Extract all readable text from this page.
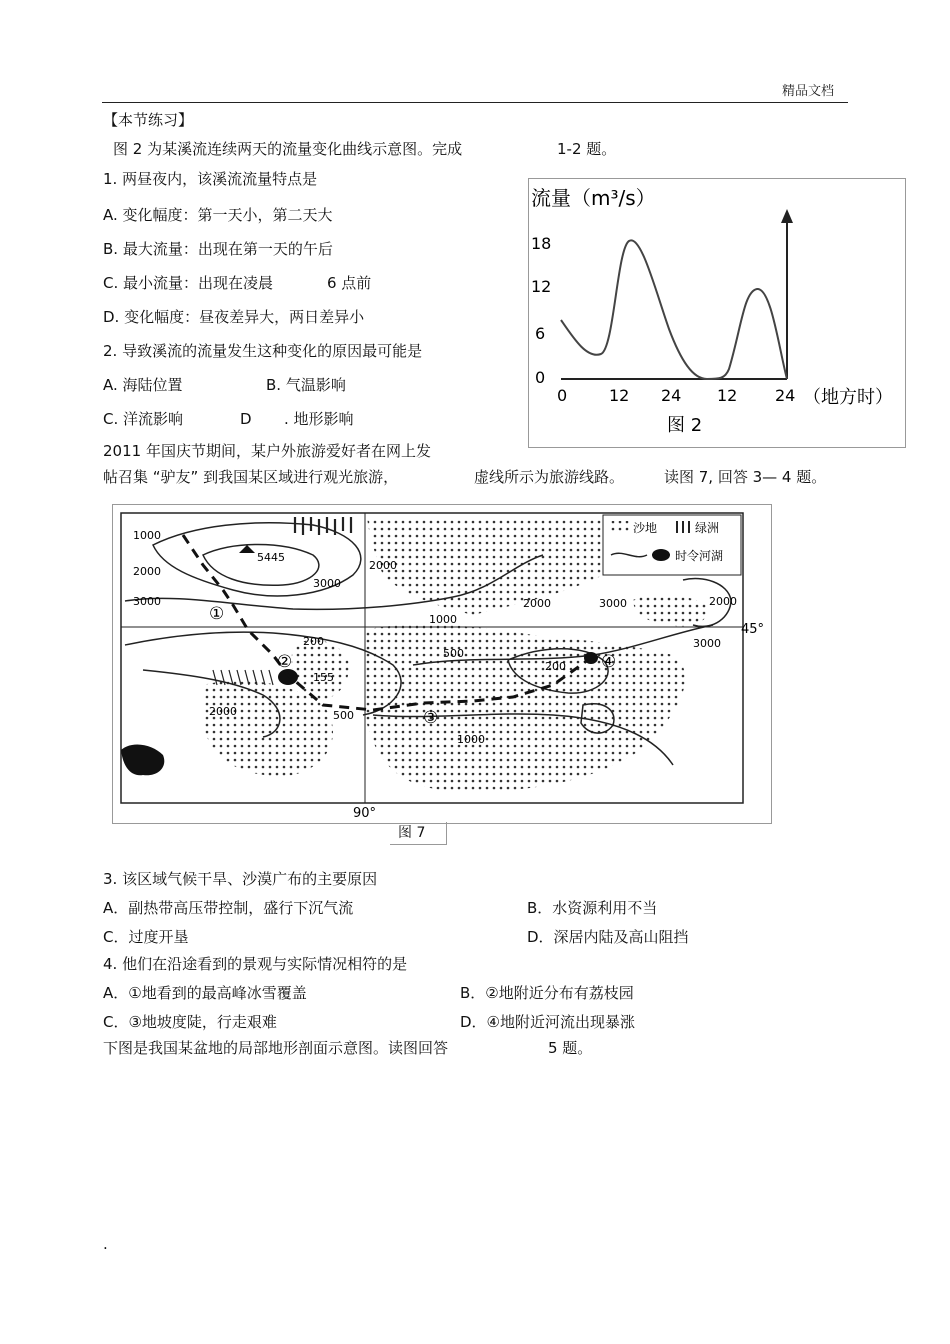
精品文档
【本节练习】
图 2 为某溪流连续两天的流量变化曲线示意图。完成	1-2 题。
1. 两昼夜内，该溪流流量特点是
A. 变化幅度：第一天小，第二天大
B. 最大流量：出现在第一天的午后
C. 最小流量：出现在凌晨	6 点前
D. 变化幅度：昼夜差异大，两日差异小
2. 导致溪流的流量发生这种变化的原因最可能是
A. 海陆位置	B. 气温影响
C. 洋流影响	D . 地形影响
2011 年国庆节期间，某户外旅游爱好者在网上发
帖召集 “驴友” 到我国某区域进行观光旅游，	虚线所示为旅游线路。	读图 7, 回答 3— 4 题。
3. 该区域气候干旱、沙漠广布的主要原因
A．副热带高压带控制，盛行下沉气流	B．水资源利用不当
C．过度开垦	D．深居内陆及高山阻挡
4. 他们在沿途看到的景观与实际情况相符的是
A．①地看到的最高峰冰雪覆盖	B．②地附近分布有荔枝园
C．③地坡度陡，行走艰难	D．④地附近河流出现暴涨
下图是我国某盆地的局部地形剖面示意图。读图回答	5 题。
.
流量（m³/s）
18
12
6
0
0	12 24 12 24 （地方时）
图 2
沙地	绿洲
时令河湖
1000
2000
3000
5445
3000
2000
2000	3000	2000
3000
1000
500
200
155
200
500
2000
1000
45°
90°
①
②
③
④
图 7
